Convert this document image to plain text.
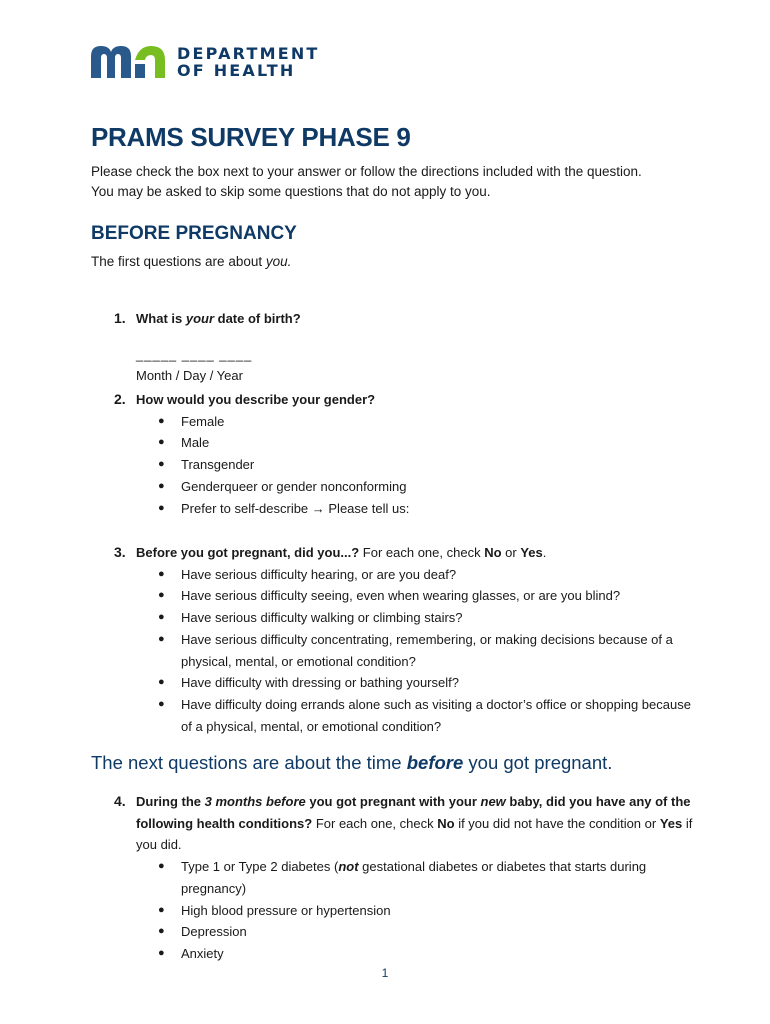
DEPARTMENT
OF HEALTH
PRAMS SURVEY PHASE 9
Please check the box next to your answer or follow the directions included with the question.
You may be asked to skip some questions that do not apply to you.
BEFORE PREGNANCY
The first questions are about you.
1. What is your date of birth?
_____ ____ ____
Month / Day / Year
2. How would you describe your gender?
● Female
● Male
● Transgender
● Genderqueer or gender nonconforming
● Prefer to self-describe → Please tell us:
3. Before you got pregnant, did you...? For each one, check No or Yes.
● Have serious difficulty hearing, or are you deaf?
● Have serious difficulty seeing, even when wearing glasses, or are you blind?
● Have serious difficulty walking or climbing stairs?
● Have serious difficulty concentrating, remembering, or making decisions because of a physical, mental, or emotional condition?
● Have difficulty with dressing or bathing yourself?
● Have difficulty doing errands alone such as visiting a doctor’s office or shopping because of a physical, mental, or emotional condition?
The next questions are about the time before you got pregnant.
4. During the 3 months before you got pregnant with your new baby, did you have any of the following health conditions? For each one, check No if you did not have the condition or Yes if you did.
● Type 1 or Type 2 diabetes (not gestational diabetes or diabetes that starts during pregnancy)
● High blood pressure or hypertension
● Depression
● Anxiety
1
